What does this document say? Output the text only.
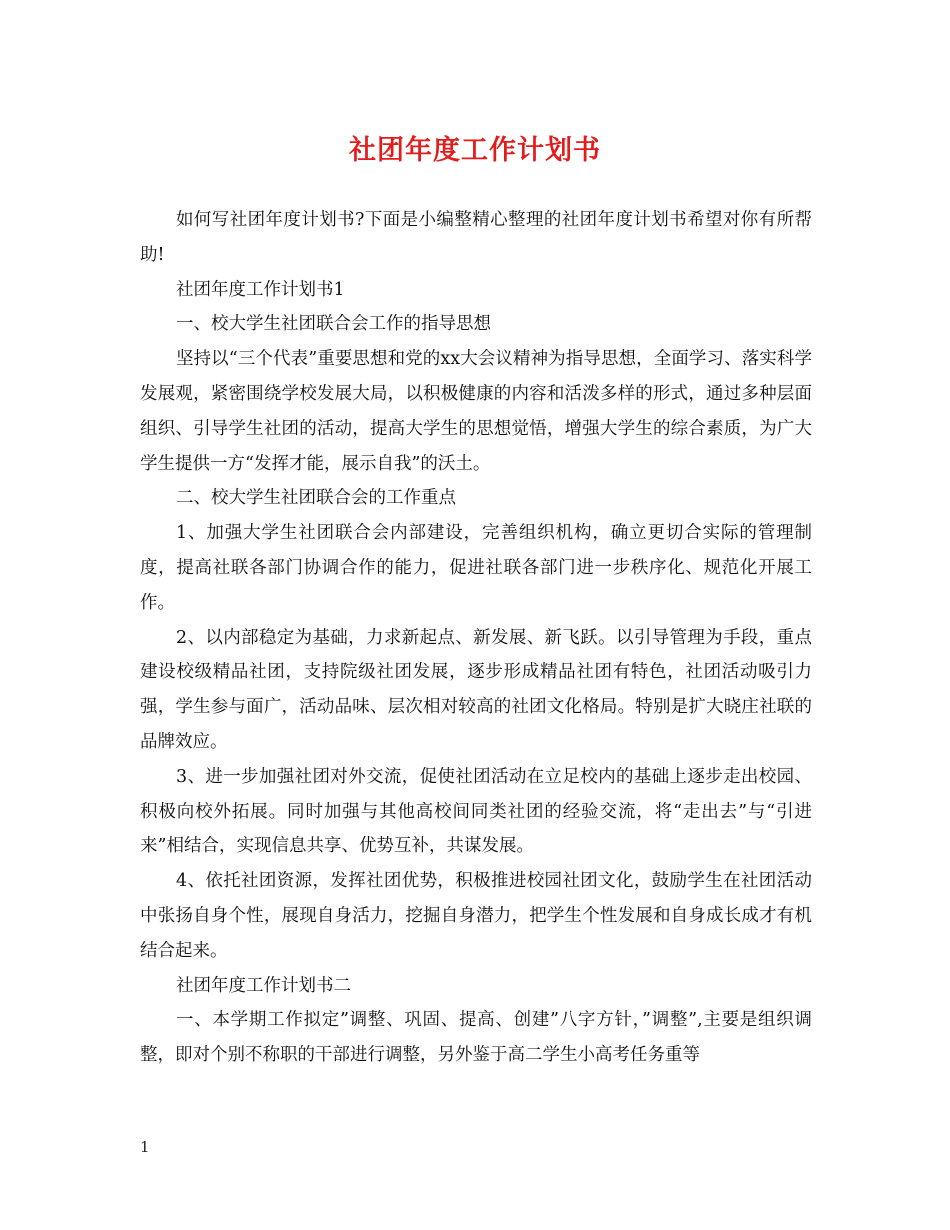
社团年度工作计划书

如何写社团年度计划书?下面是小编整精心整理的社团年度计划书希望对你有所帮助!

社团年度工作计划书1

一、校大学生社团联合会工作的指导思想

坚持以“三个代表”重要思想和党的xx大会议精神为指导思想，全面学习、落实科学发展观，紧密围绕学校发展大局，以积极健康的内容和活泼多样的形式，通过多种层面组织、引导学生社团的活动，提高大学生的思想觉悟，增强大学生的综合素质，为广大学生提供一方“发挥才能，展示自我”的沃土。

二、校大学生社团联合会的工作重点

1、加强大学生社团联合会内部建设，完善组织机构，确立更切合实际的管理制度，提高社联各部门协调合作的能力，促进社联各部门进一步秩序化、规范化开展工作。

2、以内部稳定为基础，力求新起点、新发展、新飞跃。以引导管理为手段，重点建设校级精品社团，支持院级社团发展，逐步形成精品社团有特色，社团活动吸引力强，学生参与面广，活动品味、层次相对较高的社团文化格局。特别是扩大晓庄社联的品牌效应。

3、进一步加强社团对外交流，促使社团活动在立足校内的基础上逐步走出校园、积极向校外拓展。同时加强与其他高校间同类社团的经验交流，将“走出去”与“引进来”相结合，实现信息共享、优势互补，共谋发展。

4、依托社团资源，发挥社团优势，积极推进校园社团文化，鼓励学生在社团活动中张扬自身个性，展现自身活力，挖掘自身潜力，把学生个性发展和自身成长成才有机结合起来。

社团年度工作计划书二

一、本学期工作拟定”调整、巩固、提高、创建”八字方针，”调整”,主要是组织调整，即对个别不称职的干部进行调整，另外鉴于高二学生小高考任务重等

1
